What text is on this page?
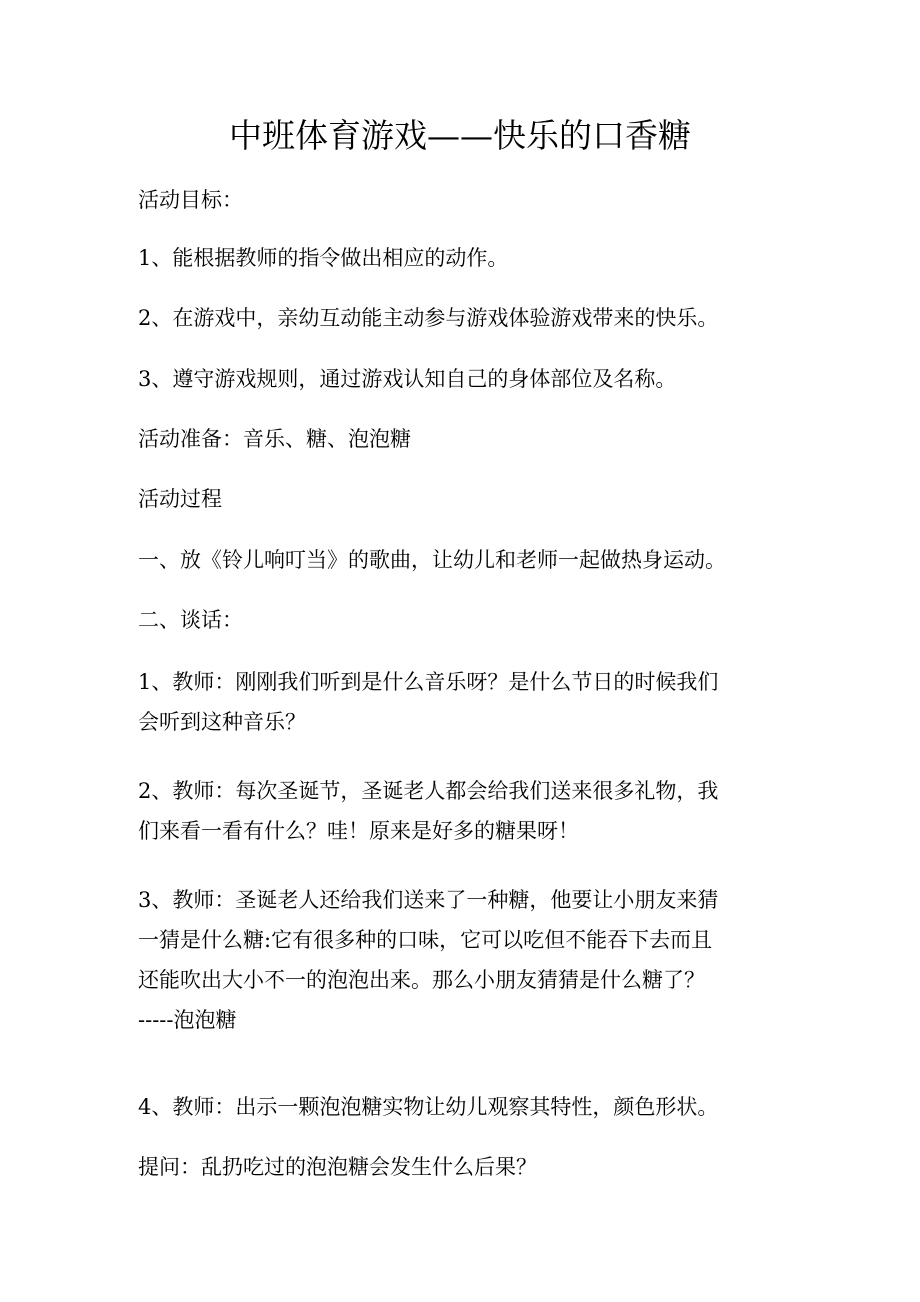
中班体育游戏——快乐的口香糖
活动目标：
1、能根据教师的指令做出相应的动作。
2、在游戏中，亲幼互动能主动参与游戏体验游戏带来的快乐。
3、遵守游戏规则，通过游戏认知自己的身体部位及名称。
活动准备：音乐、糖、泡泡糖
活动过程
一、放《铃儿响叮当》的歌曲，让幼儿和老师一起做热身运动。
二、谈话：
1、教师：刚刚我们听到是什么音乐呀？是什么节日的时候我们
会听到这种音乐？
2、教师：每次圣诞节，圣诞老人都会给我们送来很多礼物，我
们来看一看有什么？哇！原来是好多的糖果呀！
3、教师：圣诞老人还给我们送来了一种糖，他要让小朋友来猜
一猜是什么糖:它有很多种的口味，它可以吃但不能吞下去而且
还能吹出大小不一的泡泡出来。那么小朋友猜猜是什么糖了？
-----泡泡糖
4、教师：出示一颗泡泡糖实物让幼儿观察其特性，颜色形状。
提问：乱扔吃过的泡泡糖会发生什么后果？
